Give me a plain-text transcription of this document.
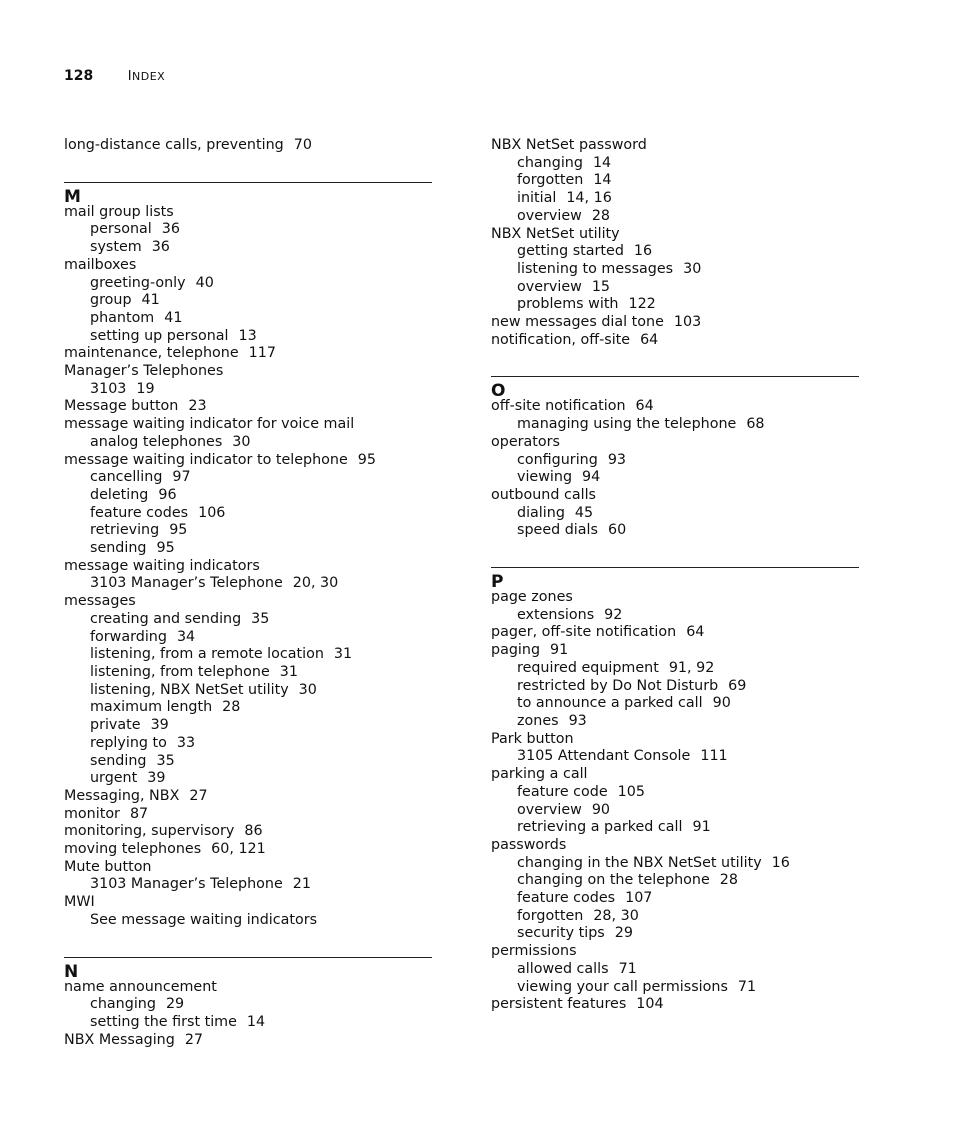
128	INDEX
long-distance calls, preventing 70
M
mail group lists
personal 36
system 36
mailboxes
greeting-only 40
group 41
phantom 41
setting up personal 13
maintenance, telephone 117
Manager’s Telephones
3103 19
Message button 23
message waiting indicator for voice mail
analog telephones 30
message waiting indicator to telephone 95
cancelling 97
deleting 96
feature codes 106
retrieving 95
sending 95
message waiting indicators
3103 Manager’s Telephone 20, 30
messages
creating and sending 35
forwarding 34
listening, from a remote location 31
listening, from telephone 31
listening, NBX NetSet utility 30
maximum length 28
private 39
replying to 33
sending 35
urgent 39
Messaging, NBX 27
monitor 87
monitoring, supervisory 86
moving telephones 60, 121
Mute button
3103 Manager’s Telephone 21
MWI
See message waiting indicators
N
name announcement
changing 29
setting the first time 14
NBX Messaging 27
NBX NetSet password
changing 14
forgotten 14
initial 14, 16
overview 28
NBX NetSet utility
getting started 16
listening to messages 30
overview 15
problems with 122
new messages dial tone 103
notification, off-site 64
O
off-site notification 64
managing using the telephone 68
operators
configuring 93
viewing 94
outbound calls
dialing 45
speed dials 60
P
page zones
extensions 92
pager, off-site notification 64
paging 91
required equipment 91, 92
restricted by Do Not Disturb 69
to announce a parked call 90
zones 93
Park button
3105 Attendant Console 111
parking a call
feature code 105
overview 90
retrieving a parked call 91
passwords
changing in the NBX NetSet utility 16
changing on the telephone 28
feature codes 107
forgotten 28, 30
security tips 29
permissions
allowed calls 71
viewing your call permissions 71
persistent features 104
